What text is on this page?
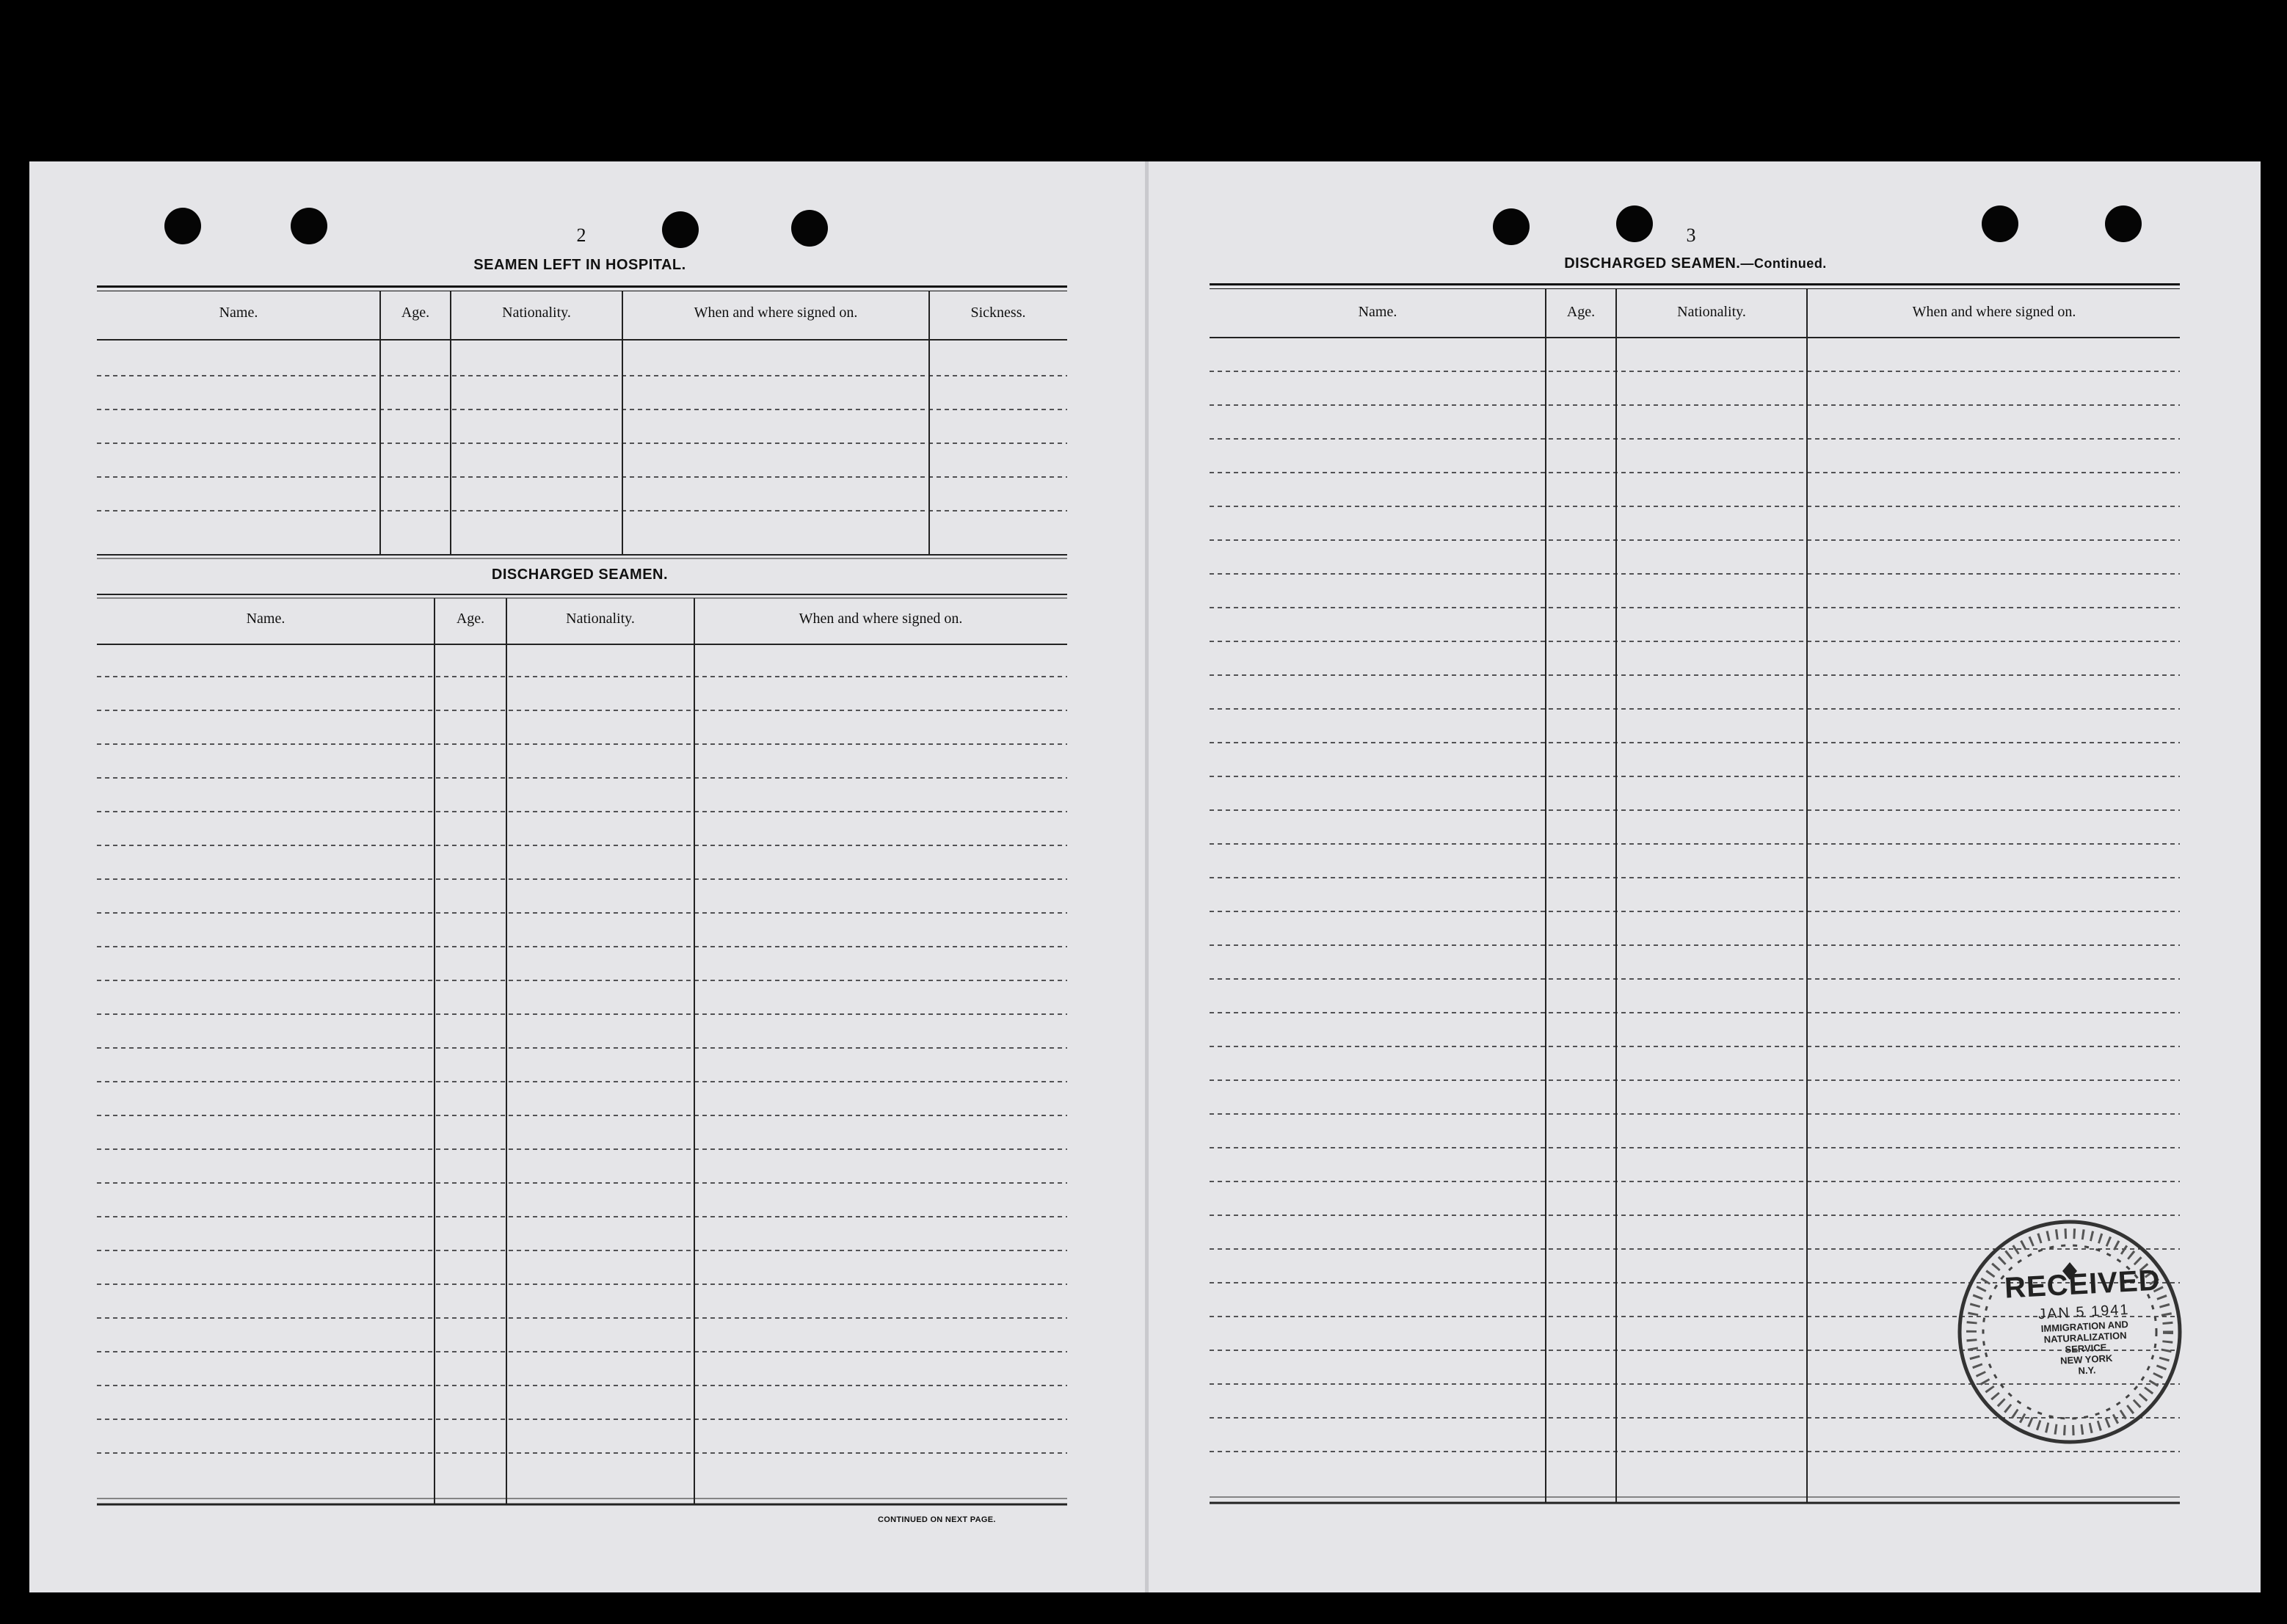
2
SEAMEN LEFT IN HOSPITAL.
Name.	Age.	Nationality.	When and where signed on.	Sickness.
DISCHARGED SEAMEN.
Name.	Age.	Nationality.	When and where signed on.
CONTINUED ON NEXT PAGE.
3
DISCHARGED SEAMEN.—Continued.
Name.	Age.	Nationality.	When and where signed on.
RECEIVED
JAN 5 1941
IMMIGRATION AND
NATURALIZATION
SERVICE
NEW YORK
N.Y.
